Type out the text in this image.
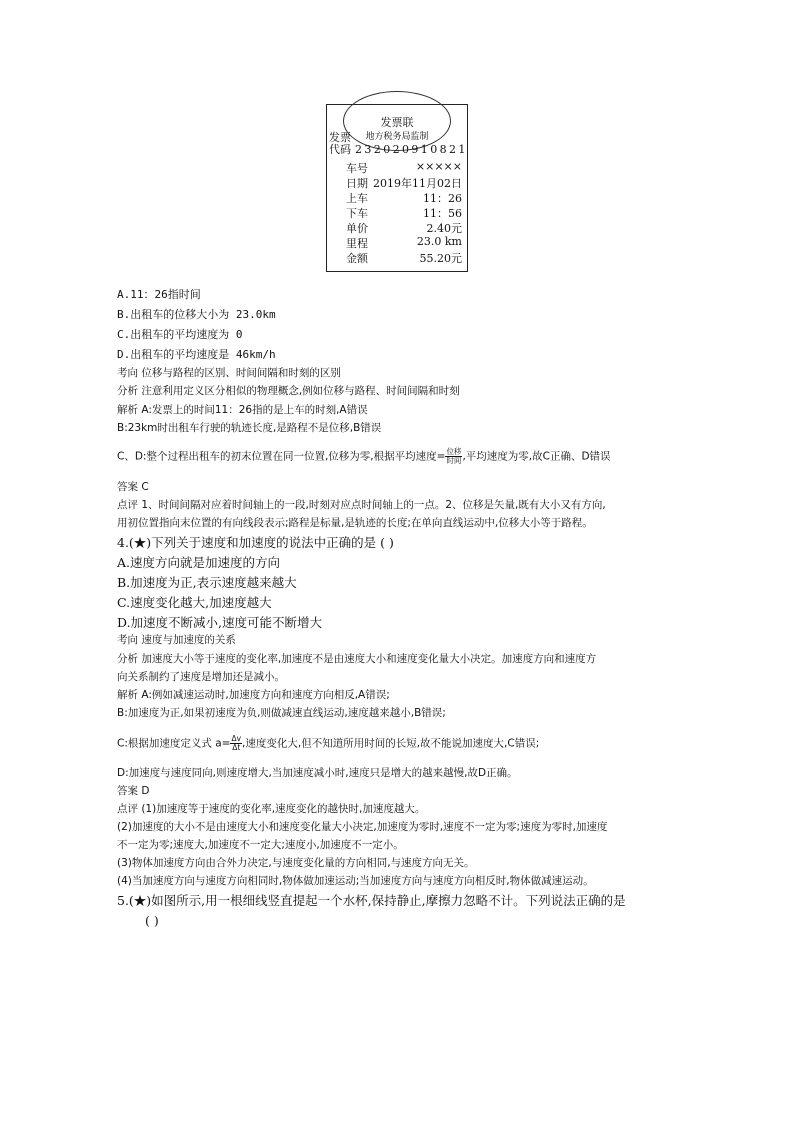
发票联
地方税务局监制
发票代码 232020910821
车号	×××××
日期 2019年11月02日
上车	11：26
下车	11：56
单价	2.40元
里程	23.0 km
金额	55.20元
A.11：26指时间
B.出租车的位移大小为 23.0km
C.出租车的平均速度为 0
D.出租车的平均速度是 46km/h
考向 位移与路程的区别、时间间隔和时刻的区别
分析 注意利用定义区分相似的物理概念,例如位移与路程、时间间隔和时刻
解析 A:发票上的时间11：26指的是上车的时刻,A错误
B:23km时出租车行驶的轨迹长度,是路程不是位移,B错误
C、D:整个过程出租车的初末位置在同一位置,位移为零,根据平均速度= $\frac{\text{位移}}{\text{时间}}$ ,平均速度为零,故C正确、D错误
答案 C
点评 1、时间间隔对应着时间轴上的一段,时刻对应点时间轴上的一点。2、位移是矢量,既有大小又有方向,
用初位置指向末位置的有向线段表示;路程是标量,是轨迹的长度;在单向直线运动中,位移大小等于路程。
4.(★)下列关于速度和加速度的说法中正确的是 ( )
A.速度方向就是加速度的方向
B.加速度为正,表示速度越来越大
C.速度变化越大,加速度越大
D.加速度不断减小,速度可能不断增大
考向 速度与加速度的关系
分析 加速度大小等于速度的变化率,加速度不是由速度大小和速度变化量大小决定。加速度方向和速度方
向关系制约了速度是增加还是减小。
解析 A:例如减速运动时,加速度方向和速度方向相反,A错误;
B:加速度为正,如果初速度为负,则做减速直线运动,速度越来越小,B错误;
C:根据加速度定义式 $a= \frac{\Delta v}{\Delta t}$ ,速度变化大,但不知道所用时间的长短,故不能说加速度大,C错误;
D:加速度与速度同向,则速度增大,当加速度减小时,速度只是增大的越来越慢,故D正确。
答案 D
点评 (1)加速度等于速度的变化率,速度变化的越快时,加速度越大。
(2)加速度的大小不是由速度大小和速度变化量大小决定,加速度为零时,速度不一定为零;速度为零时,加速度
不一定为零;速度大,加速度不一定大;速度小,加速度不一定小。
(3)物体加速度方向由合外力决定,与速度变化量的方向相同,与速度方向无关。
(4)当加速度方向与速度方向相同时,物体做加速运动;当加速度方向与速度方向相反时,物体做减速运动。
5.(★)如图所示,用一根细线竖直提起一个水杯,保持静止,摩擦力忽略不计。下列说法正确的是
( )
